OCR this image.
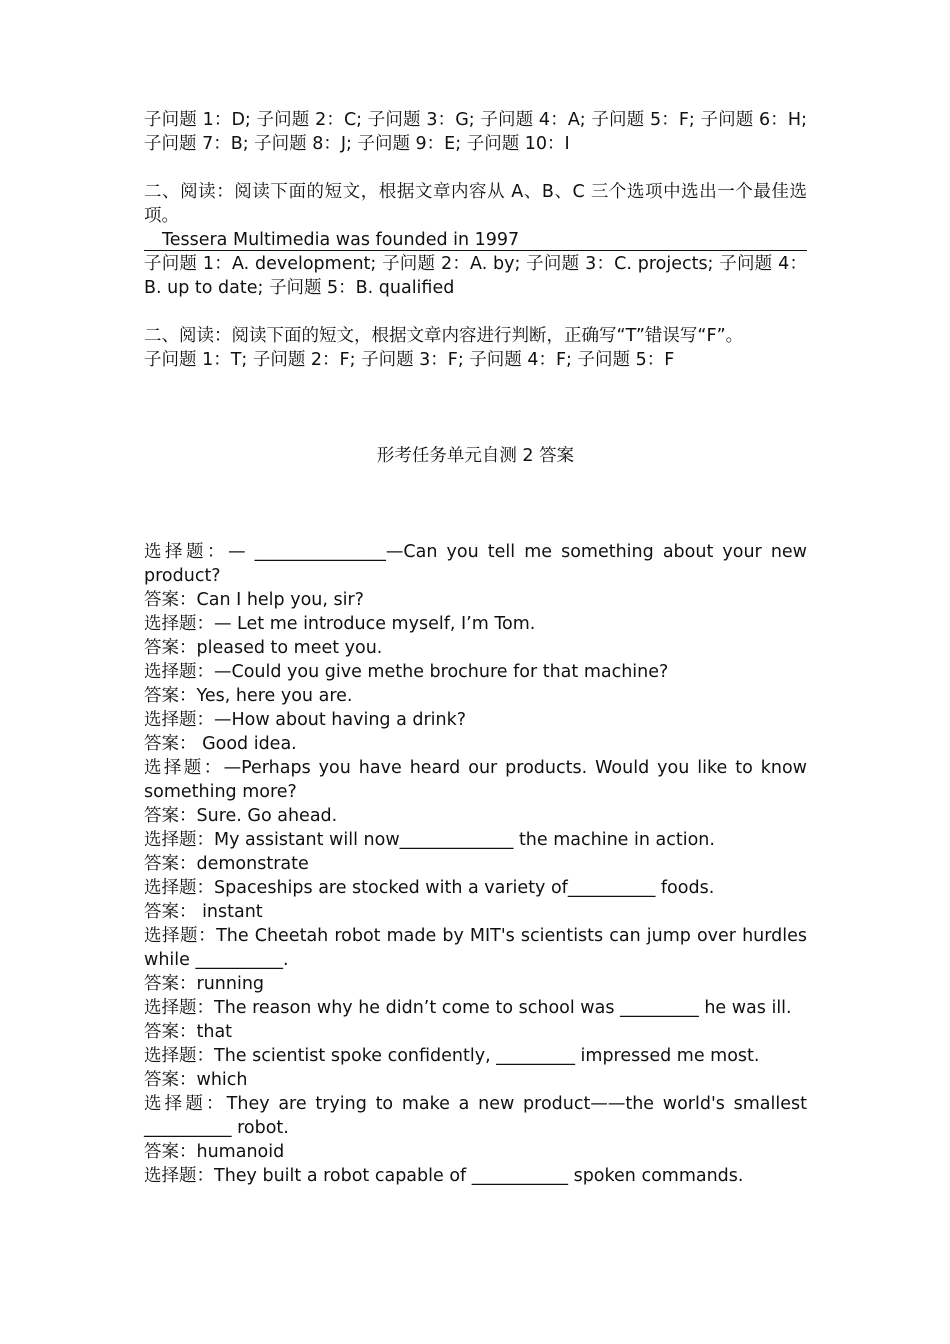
子问题 1：D; 子问题 2：C; 子问题 3：G; 子问题 4：A; 子问题 5：F; 子问题 6：H; 子问题 7：B; 子问题 8：J; 子问题 9：E; 子问题 10：I

二、阅读：阅读下面的短文，根据文章内容从 A、B、C 三个选项中选出一个最佳选项。

Tessera Multimedia was founded in 1997

子问题 1：A. development; 子问题 2：A. by; 子问题 3：C. projects; 子问题 4：B. up to date; 子问题 5：B. qualified

二、阅读：阅读下面的短文，根据文章内容进行判断，正确写“T”错误写“F”。

子问题 1：T; 子问题 2：F; 子问题 3：F; 子问题 4：F; 子问题 5：F

形考任务单元自测 2 答案

选择题：— _______________—Can you tell me something about your new product?

答案：Can I help you, sir?

选择题：— Let me introduce myself, I’m Tom.

答案：pleased to meet you.

选择题：—Could you give methe brochure for that machine?

答案：Yes, here you are.

选择题：—How about having a drink?

答案： Good idea.

选择题：—Perhaps you have heard our products. Would you like to know something more?

答案：Sure. Go ahead.

选择题：My assistant will now_____________ the machine in action.

答案：demonstrate

选择题：Spaceships are stocked with a variety of__________ foods.

答案： instant

选择题：The Cheetah robot made by MIT's scientists can jump over hurdles while __________.

答案：running

选择题：The reason why he didn’t come to school was _________ he was ill.

答案：that

选择题：The scientist spoke confidently, _________ impressed me most.

答案：which

选择题：They are trying to make a new product——the world's smallest __________ robot.

答案：humanoid

选择题：They built a robot capable of ___________ spoken commands.
